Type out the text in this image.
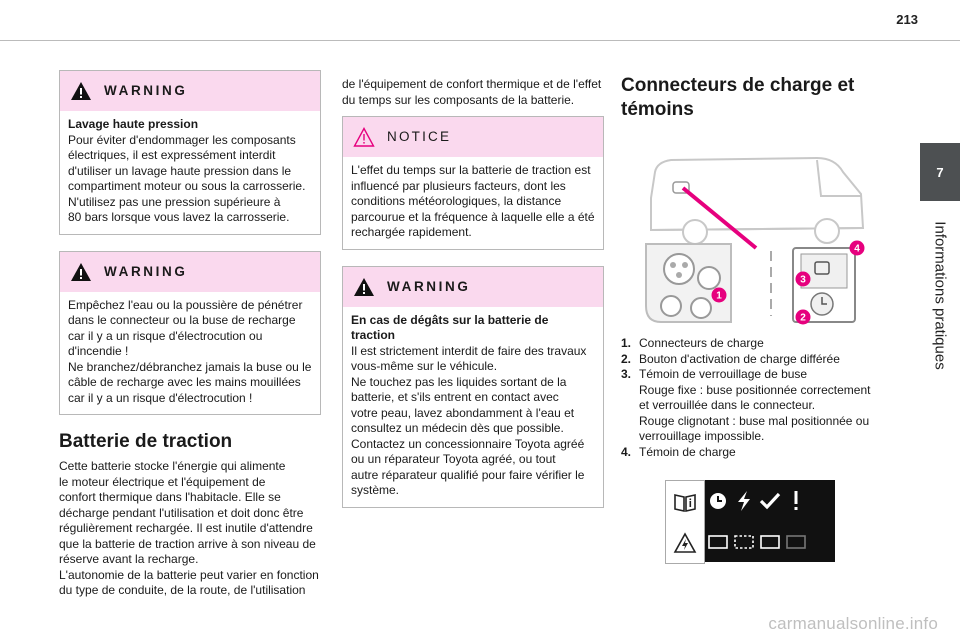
213
7
Informations pratiques
WARNING

Lavage haute pression

Pour éviter d'endommager les composants
électriques, il est expressément interdit
d'utiliser un lavage haute pression dans le
compartiment moteur ou sous la carrosserie.
N'utilisez pas une pression supérieure à
80 bars lorsque vous lavez la carrosserie.

WARNING

Empêchez l'eau ou la poussière de pénétrer
dans le connecteur ou la buse de recharge
car il y a un risque d'électrocution ou
d'incendie !
Ne branchez/débranchez jamais la buse ou le
câble de recharge avec les mains mouillées
car il y a un risque d'électrocution !

Batterie de traction

Cette batterie stocke l'énergie qui alimente
le moteur électrique et l'équipement de
confort thermique dans l'habitacle. Elle se
décharge pendant l'utilisation et doit donc être
régulièrement rechargée. Il est inutile d'attendre
que la batterie de traction arrive à son niveau de
réserve avant la recharge.
L'autonomie de la batterie peut varier en fonction
du type de conduite, de la route, de l'utilisation

de l'équipement de confort thermique et de l'effet
du temps sur les composants de la batterie.

NOTICE

L'effet du temps sur la batterie de traction est
influencé par plusieurs facteurs, dont les
conditions météorologiques, la distance
parcourue et la fréquence à laquelle elle a été
rechargée rapidement.

WARNING

En cas de dégâts sur la batterie de traction

Il est strictement interdit de faire des travaux
vous-même sur le véhicule.
Ne touchez pas les liquides sortant de la
batterie, et s'ils entrent en contact avec
votre peau, lavez abondamment à l'eau et
consultez un médecin dès que possible.
Contactez un concessionnaire Toyota agréé
ou un réparateur Toyota agréé, ou tout
autre réparateur qualifié pour faire vérifier le
système.

Connecteurs de charge et
témoins
1
2
3
4
1. Connecteurs de charge
2. Bouton d'activation de charge différée
3. Témoin de verrouillage de buse
Rouge fixe : buse positionnée correctement
et verrouillée dans le connecteur.
Rouge clignotant : buse mal positionnée ou
verrouillage impossible.
4. Témoin de charge
carmanualsonline.info
